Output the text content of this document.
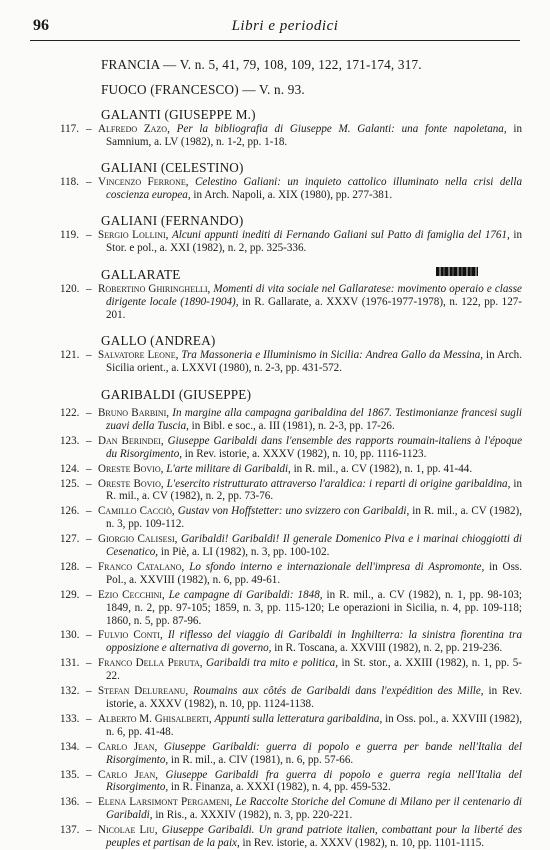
96	Libri e periodici
FRANCIA — V. n. 5, 41, 79, 108, 109, 122, 171-174, 317.
FUOCO (FRANCESCO) — V. n. 93.
GALANTI (GIUSEPPE M.)
117. – Alfredo Zazo, Per la bibliografia di Giuseppe M. Galanti: una fonte napoletana, in Samnium, a. LV (1982), n. 1-2, pp. 1-18.
GALIANI (CELESTINO)
118. – Vincenzo Ferrone, Celestino Galiani: un inquieto cattolico illuminato nella crisi della coscienza europea, in Arch. Napoli, a. XIX (1980), pp. 277-381.
GALIANI (FERNANDO)
119. – Sergio Lollini, Alcuni appunti inediti di Fernando Galiani sul Patto di famiglia del 1761, in Stor. e pol., a. XXI (1982), n. 2, pp. 325-336.
GALLARATE
120. – Robertino Ghiringhelli, Momenti di vita sociale nel Gallaratese: movimento operaio e classe dirigente locale (1890-1904), in R. Gallarate, a. XXXV (1976-1977-1978), n. 122, pp. 127-201.
GALLO (ANDREA)
121. – Salvatore Leone, Tra Massoneria e Illuminismo in Sicilia: Andrea Gallo da Messina, in Arch. Sicilia orient., a. LXXVI (1980), n. 2-3, pp. 431-572.
GARIBALDI (GIUSEPPE)
122. – Bruno Barbini, In margine alla campagna garibaldina del 1867. Testimonianze francesi sugli zuavi della Tuscia, in Bibl. e soc., a. III (1981), n. 2-3, pp. 17-26.
123. – Dan Berindei, Giuseppe Garibaldi dans l'ensemble des rapports roumain-italiens à l'époque du Risorgimento, in Rev. istorie, a. XXXV (1982), n. 10, pp. 1116-1123.
124. – Oreste Bovio, L'arte militare di Garibaldi, in R. mil., a. CV (1982), n. 1, pp. 41-44.
125. – Oreste Bovio, L'esercito ristrutturato attraverso l'araldica: i reparti di origine garibaldina, in R. mil., a. CV (1982), n. 2, pp. 73-76.
126. – Camillo Cacciò, Gustav von Hoffstetter: uno svizzero con Garibaldi, in R. mil., a. CV (1982), n. 3, pp. 109-112.
127. – Giorgio Calisesi, Garibaldi! Garibaldi! Il generale Domenico Piva e i marinai chioggiotti di Cesenatico, in Piè, a. LI (1982), n. 3, pp. 100-102.
128. – Franco Catalano, Lo sfondo interno e internazionale dell'impresa di Aspromonte, in Oss. Pol., a. XXVIII (1982), n. 6, pp. 49-61.
129. – Ezio Cecchini, Le campagne di Garibaldi: 1848, in R. mil., a. CV (1982), n. 1, pp. 98-103; 1849, n. 2, pp. 97-105; 1859, n. 3, pp. 115-120; Le operazioni in Sicilia, n. 4, pp. 109-118; 1860, n. 5, pp. 87-96.
130. – Fulvio Conti, Il riflesso del viaggio di Garibaldi in Inghilterra: la sinistra fiorentina tra opposizione e alternativa di governo, in R. Toscana, a. XXVIII (1982), n. 2, pp. 219-236.
131. – Franco Della Peruta, Garibaldi tra mito e politica, in St. stor., a. XXIII (1982), n. 1, pp. 5-22.
132. – Stefan Delureanu, Roumains aux côtés de Garibaldi dans l'expédition des Mille, in Rev. istorie, a. XXXV (1982), n. 10, pp. 1124-1138.
133. – Alberto M. Ghisalberti, Appunti sulla letteratura garibaldina, in Oss. pol., a. XXVIII (1982), n. 6, pp. 41-48.
134. – Carlo Jean, Giuseppe Garibaldi: guerra di popolo e guerra per bande nell'Italia del Risorgimento, in R. mil., a. CIV (1981), n. 6, pp. 57-66.
135. – Carlo Jean, Giuseppe Garibaldi fra guerra di popolo e guerra regia nell'Italia del Risorgimento, in R. Finanza, a. XXXI (1982), n. 4, pp. 459-532.
136. – Elena Larsimont Pergameni, Le Raccolte Storiche del Comune di Milano per il centenario di Garibaldi, in Ris., a. XXXIV (1982), n. 3, pp. 220-221.
137. – Nicolae Liu, Giuseppe Garibaldi. Un grand patriote italien, combattant pour la liberté des peuples et partisan de la paix, in Rev. istorie, a. XXXV (1982), n. 10, pp. 1101-1115.
